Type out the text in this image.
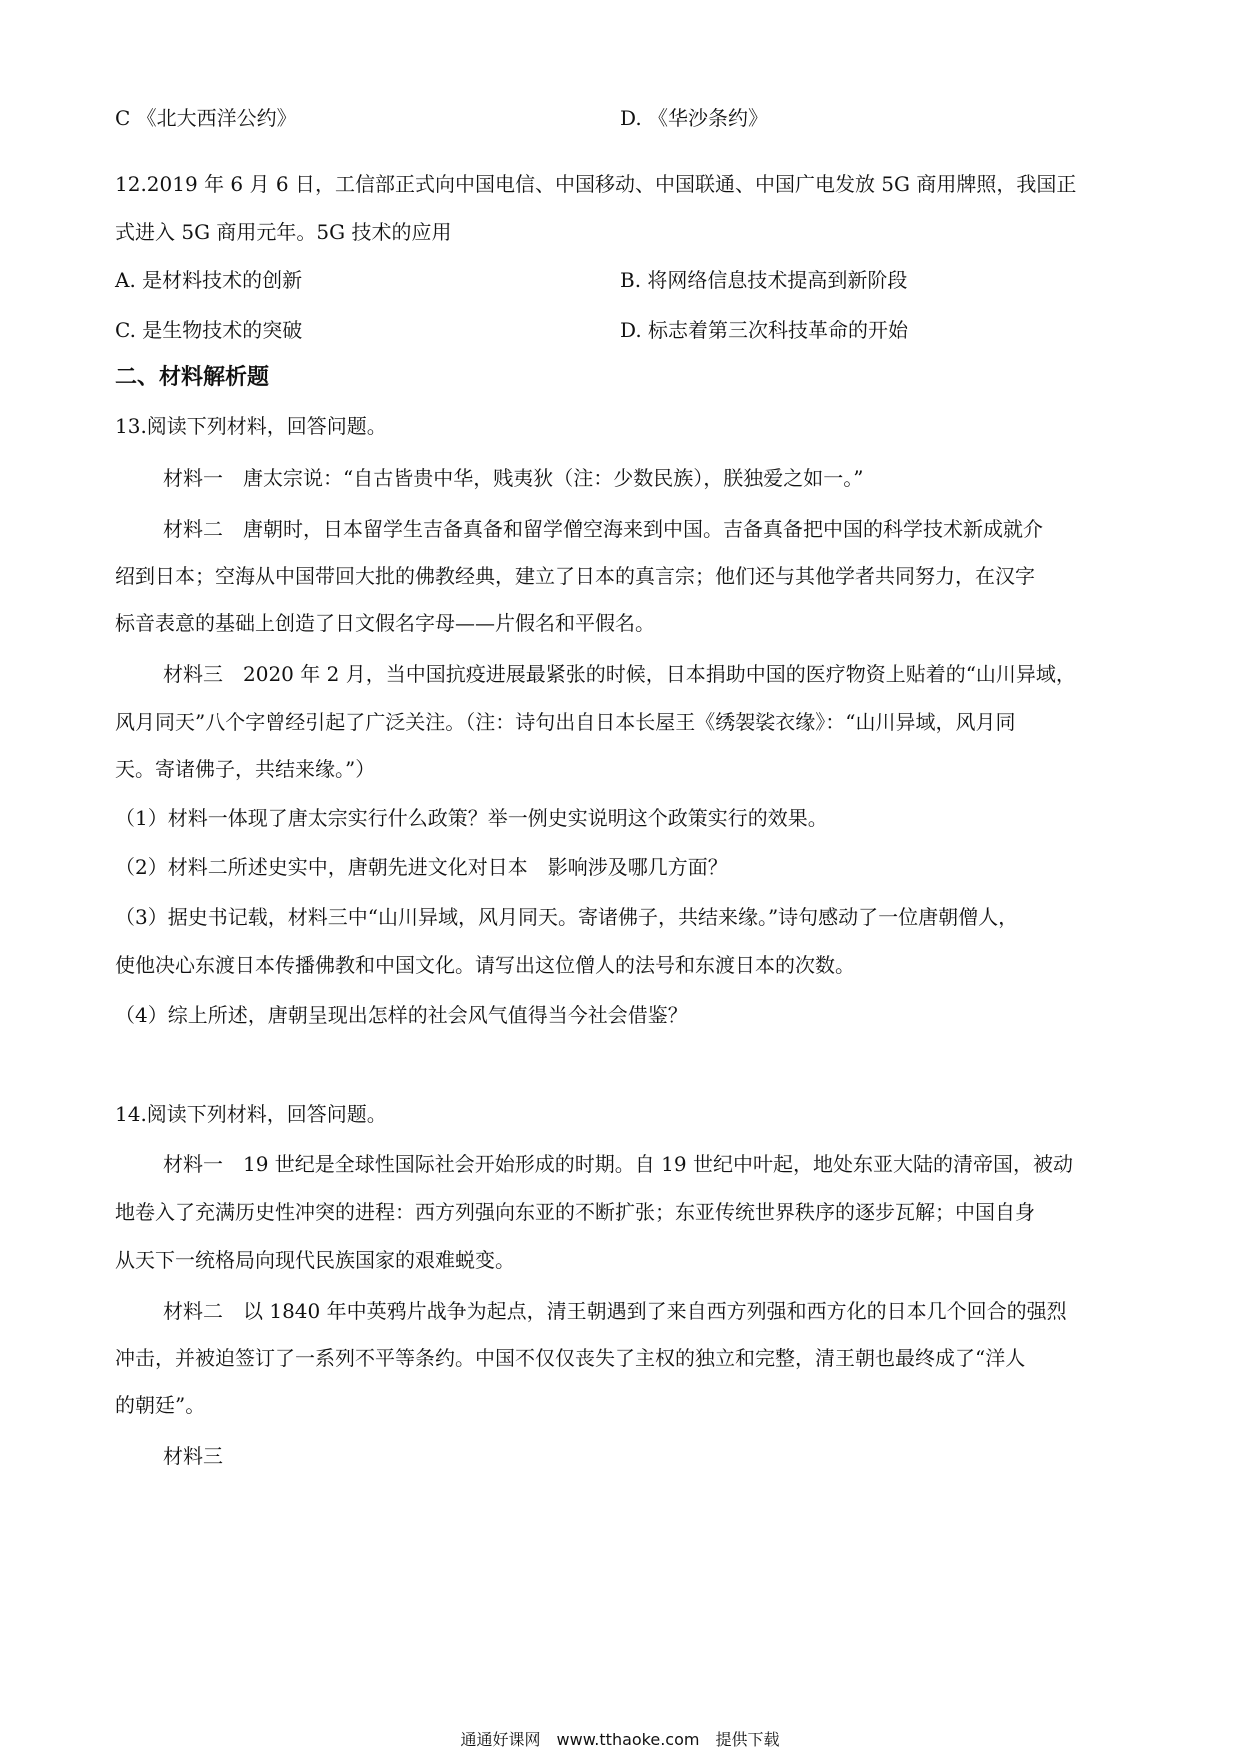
C 《北大西洋公约》	D. 《华沙条约》
12.2019 年 6 月 6 日，工信部正式向中国电信、中国移动、中国联通、中国广电发放 5G 商用牌照，我国正
式进入 5G 商用元年。5G 技术的应用
A. 是材料技术的创新	B. 将网络信息技术提高到新阶段
C. 是生物技术的突破	D. 标志着第三次科技革命的开始
二、材料解析题
13.阅读下列材料，回答问题。
材料一　唐太宗说：“自古皆贵中华，贱夷狄（注：少数民族），朕独爱之如一。”
材料二　唐朝时，日本留学生吉备真备和留学僧空海来到中国。吉备真备把中国的科学技术新成就介
绍到日本；空海从中国带回大批的佛教经典，建立了日本的真言宗；他们还与其他学者共同努力，在汉字
标音表意的基础上创造了日文假名字母——片假名和平假名。
材料三　2020 年 2 月，当中国抗疫进展最紧张的时候，日本捐助中国的医疗物资上贴着的“山川异域，
风月同天”八个字曾经引起了广泛关注。（注：诗句出自日本长屋王《绣袈裟衣缘》：“山川异域，风月同
天。寄诸佛子，共结来缘。”）
（1）材料一体现了唐太宗实行什么政策？举一例史实说明这个政策实行的效果。
（2）材料二所述史实中，唐朝先进文化对日本　影响涉及哪几方面？
（3）据史书记载，材料三中“山川异域，风月同天。寄诸佛子，共结来缘。”诗句感动了一位唐朝僧人，
使他决心东渡日本传播佛教和中国文化。请写出这位僧人的法号和东渡日本的次数。
（4）综上所述，唐朝呈现出怎样的社会风气值得当今社会借鉴？
14.阅读下列材料，回答问题。
材料一　19 世纪是全球性国际社会开始形成的时期。自 19 世纪中叶起，地处东亚大陆的清帝国，被动
地卷入了充满历史性冲突的进程：西方列强向东亚的不断扩张；东亚传统世界秩序的逐步瓦解；中国自身
从天下一统格局向现代民族国家的艰难蜕变。
材料二　以 1840 年中英鸦片战争为起点，清王朝遇到了来自西方列强和西方化的日本几个回合的强烈
冲击，并被迫签订了一系列不平等条约。中国不仅仅丧失了主权的独立和完整，清王朝也最终成了“洋人
的朝廷”。
材料三
通通好课网　www.tthaoke.com　提供下载
